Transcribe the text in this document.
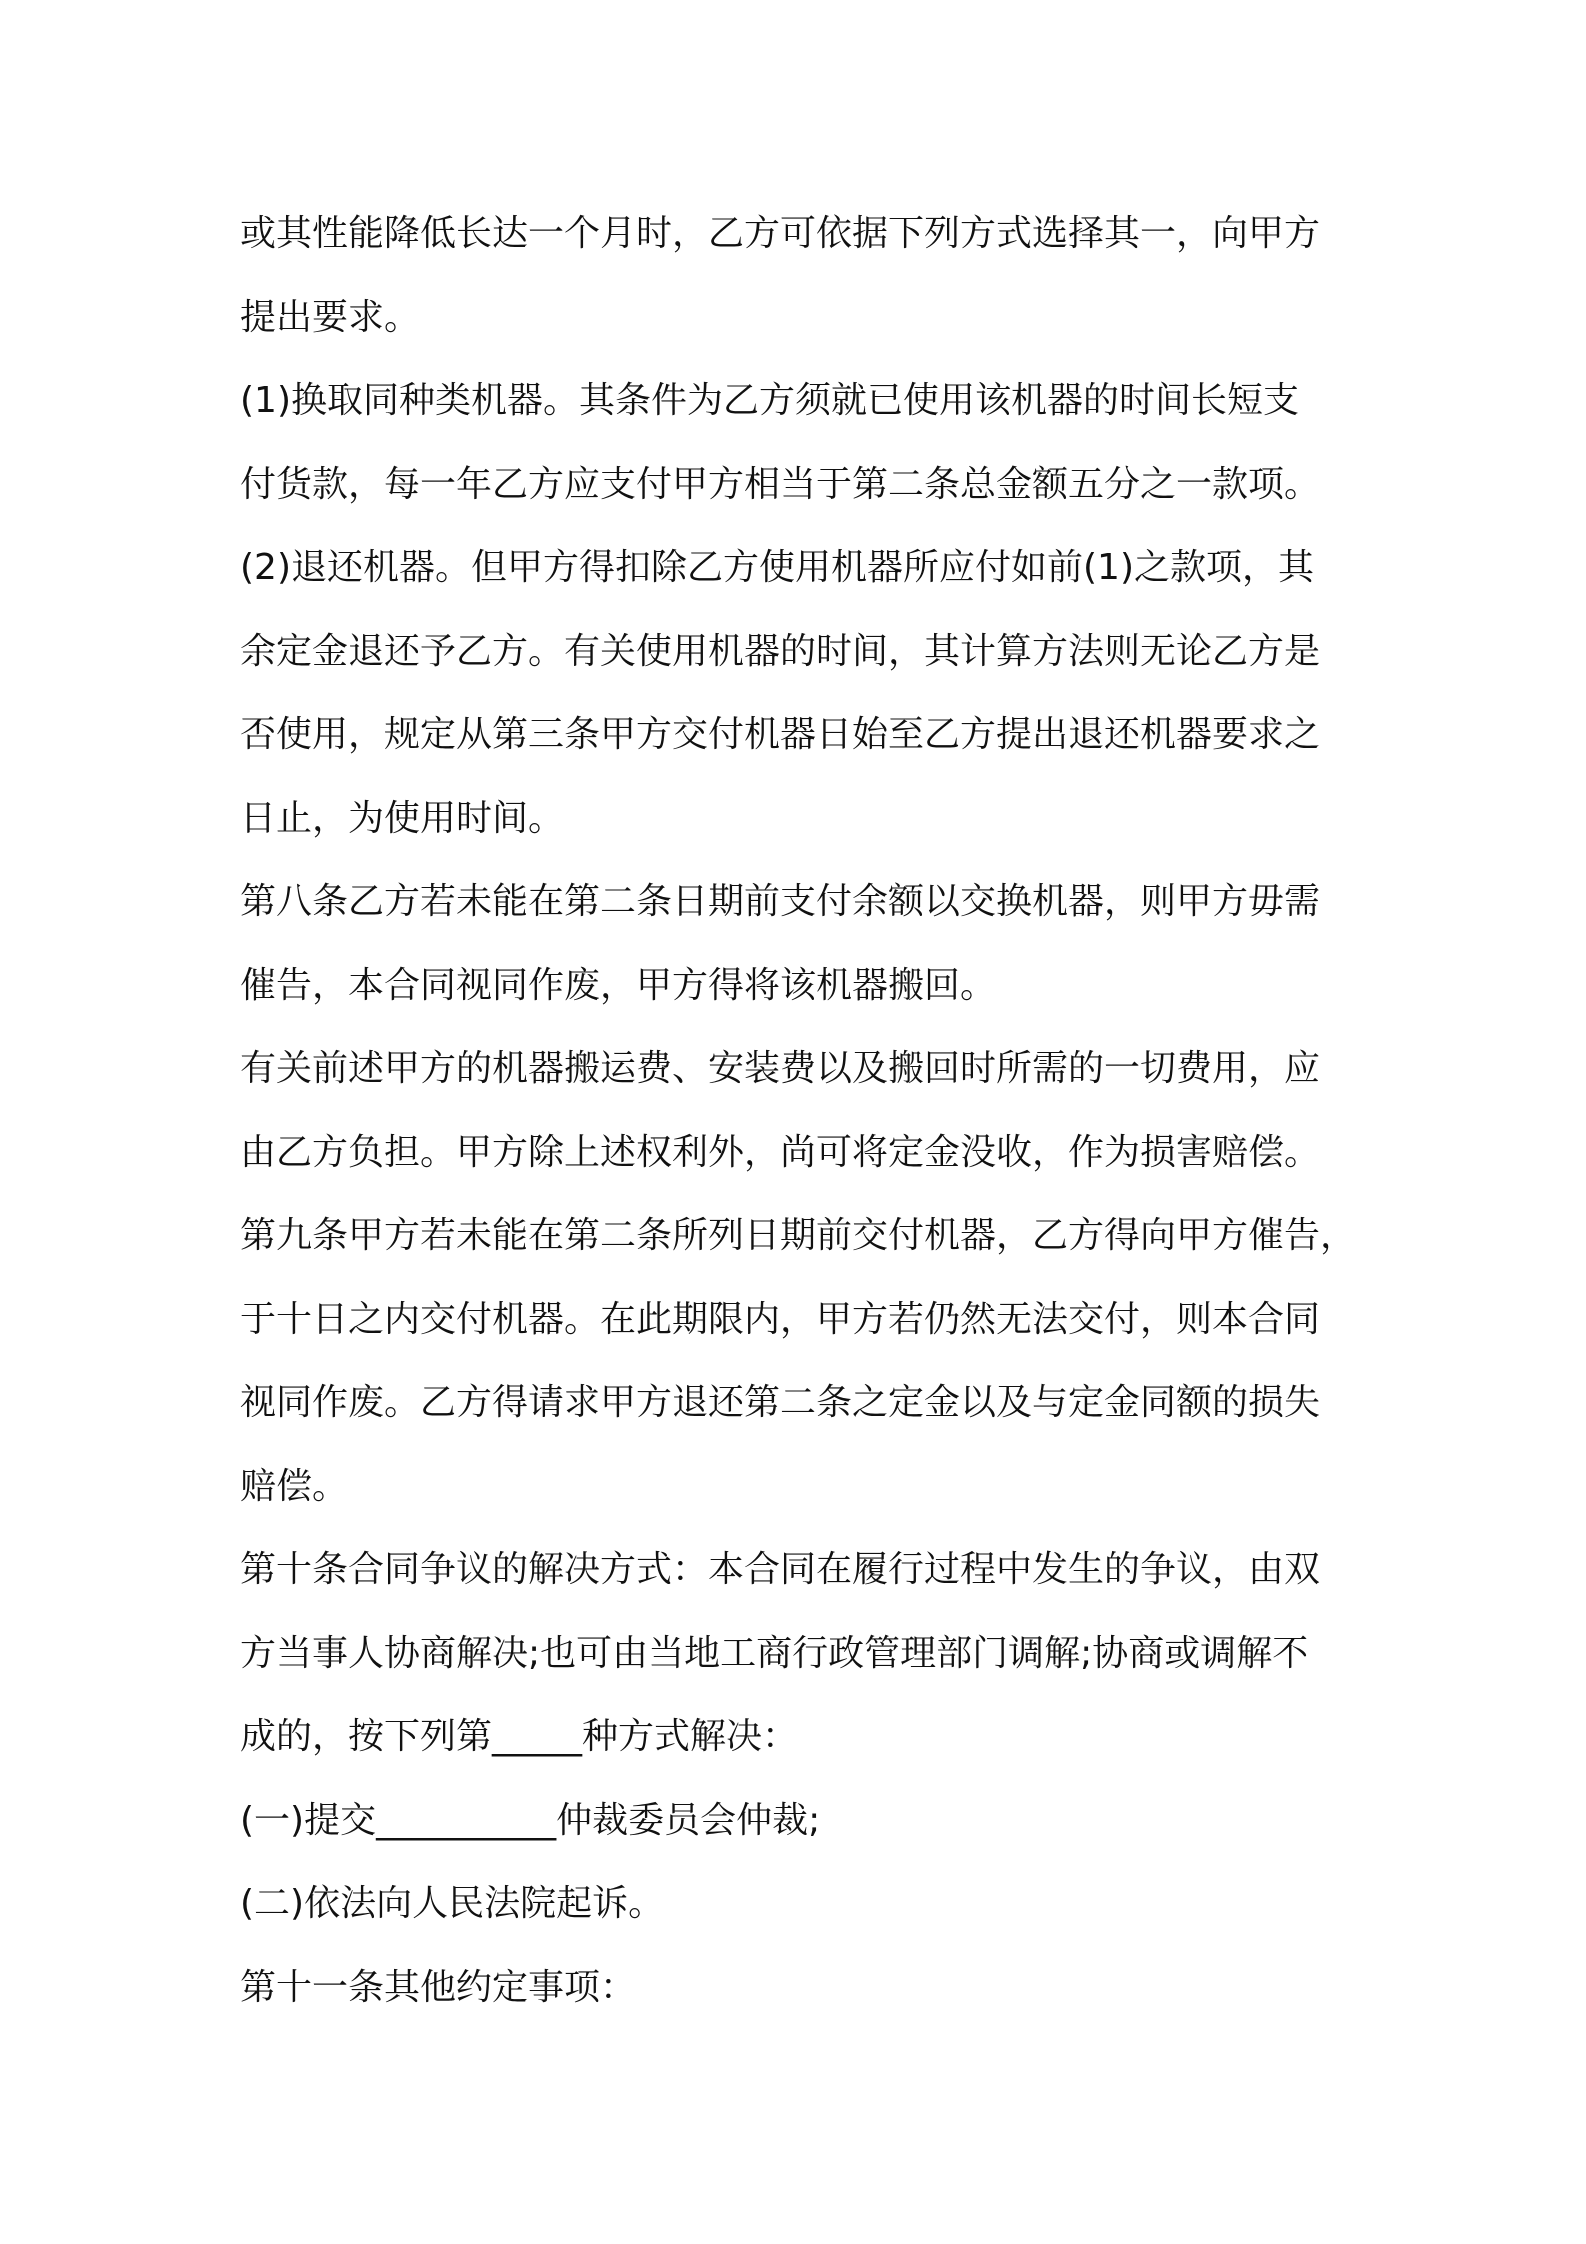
或其性能降低长达一个月时，乙方可依据下列方式选择其一，向甲方
提出要求。
(1)换取同种类机器。其条件为乙方须就已使用该机器的时间长短支
付货款，每一年乙方应支付甲方相当于第二条总金额五分之一款项。
(2)退还机器。但甲方得扣除乙方使用机器所应付如前(1)之款项，其
余定金退还予乙方。有关使用机器的时间，其计算方法则无论乙方是
否使用，规定从第三条甲方交付机器日始至乙方提出退还机器要求之
日止，为使用时间。
第八条乙方若未能在第二条日期前支付余额以交换机器，则甲方毋需
催告，本合同视同作废，甲方得将该机器搬回。
有关前述甲方的机器搬运费、安装费以及搬回时所需的一切费用，应
由乙方负担。甲方除上述权利外，尚可将定金没收，作为损害赔偿。
第九条甲方若未能在第二条所列日期前交付机器，乙方得向甲方催告，
于十日之内交付机器。在此期限内，甲方若仍然无法交付，则本合同
视同作废。乙方得请求甲方退还第二条之定金以及与定金同额的损失
赔偿。
第十条合同争议的解决方式：本合同在履行过程中发生的争议，由双
方当事人协商解决;也可由当地工商行政管理部门调解;协商或调解不
成的，按下列第_____种方式解决：
(一)提交__________仲裁委员会仲裁;
(二)依法向人民法院起诉。
第十一条其他约定事项：
